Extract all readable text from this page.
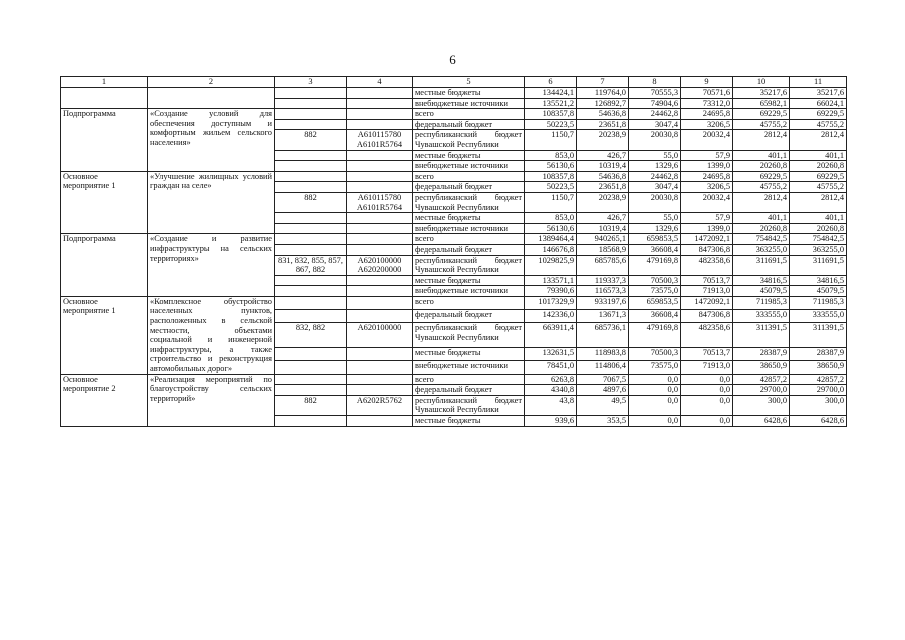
6
1	2	3	4	5	6	7	8	9	10	11
				местные бюджеты	134424,1	119764,0	70555,3	70571,6	35217,6	35217,6
				внебюджетные источники	135521,2	126892,7	74904,6	73312,0	65982,1	66024,1
Подпрограмма	«Создание условий для обеспечения доступным и комфортным жильем сельского населения»			всего	108357,8	54636,8	24462,8	24695,8	69229,5	69229,5
				федеральный бюджет	50223,5	23651,8	3047,4	3206,5	45755,2	45755,2
		882	А610115780 А6101R5764	республиканский бюджет Чувашской Республики	1150,7	20238,9	20030,8	20032,4	2812,4	2812,4
				местные бюджеты	853,0	426,7	55,0	57,9	401,1	401,1
				внебюджетные источники	56130,6	10319,4	1329,6	1399,0	20260,8	20260,8
Основное мероприятие 1	«Улучшение жилищных условий граждан на селе»			всего	108357,8	54636,8	24462,8	24695,8	69229,5	69229,5
				федеральный бюджет	50223,5	23651,8	3047,4	3206,5	45755,2	45755,2
		882	А610115780 А6101R5764	республиканский бюджет Чувашской Республики	1150,7	20238,9	20030,8	20032,4	2812,4	2812,4
				местные бюджеты	853,0	426,7	55,0	57,9	401,1	401,1
				внебюджетные источники	56130,6	10319,4	1329,6	1399,0	20260,8	20260,8
Подпрограмма	«Создание и развитие инфраструктуры на сельских территориях»			всего	1389464,4	940265,1	659853,5	1472092,1	754842,5	754842,5
				федеральный бюджет	146676,8	18568,9	36608,4	847306,8	363255,0	363255,0
		831, 832, 855, 857, 867, 882	А620100000 А620200000	республиканский бюджет Чувашской Республики	1029825,9	685785,6	479169,8	482358,6	311691,5	311691,5
				местные бюджеты	133571,1	119337,3	70500,3	70513,7	34816,5	34816,5
				внебюджетные источники	79390,6	116573,3	73575,0	71913,0	45079,5	45079,5
Основное мероприятие 1	«Комплексное обустройство населенных пунктов, расположенных в сельской местности, объектами социальной и инженерной инфраструктуры, а также строительство и реконструкция автомобильных дорог»			всего	1017329,9	933197,6	659853,5	1472092,1	711985,3	711985,3
				федеральный бюджет	142336,0	13671,3	36608,4	847306,8	333555,0	333555,0
		832, 882	А620100000	республиканский бюджет Чувашской Республики	663911,4	685736,1	479169,8	482358,6	311391,5	311391,5
				местные бюджеты	132631,5	118983,8	70500,3	70513,7	28387,9	28387,9
				внебюджетные источники	78451,0	114806,4	73575,0	71913,0	38650,9	38650,9
Основное мероприятие 2	«Реализация мероприятий по благоустройству сельских территорий»			всего	6263,8	7067,5	0,0	0,0	42857,2	42857,2
				федеральный бюджет	4340,8	4897,6	0,0	0,0	29700,0	29700,0
		882	А6202R5762	республиканский бюджет Чувашской Республики	43,8	49,5	0,0	0,0	300,0	300,0
				местные бюджеты	939,6	353,5	0,0	0,0	6428,6	6428,6
